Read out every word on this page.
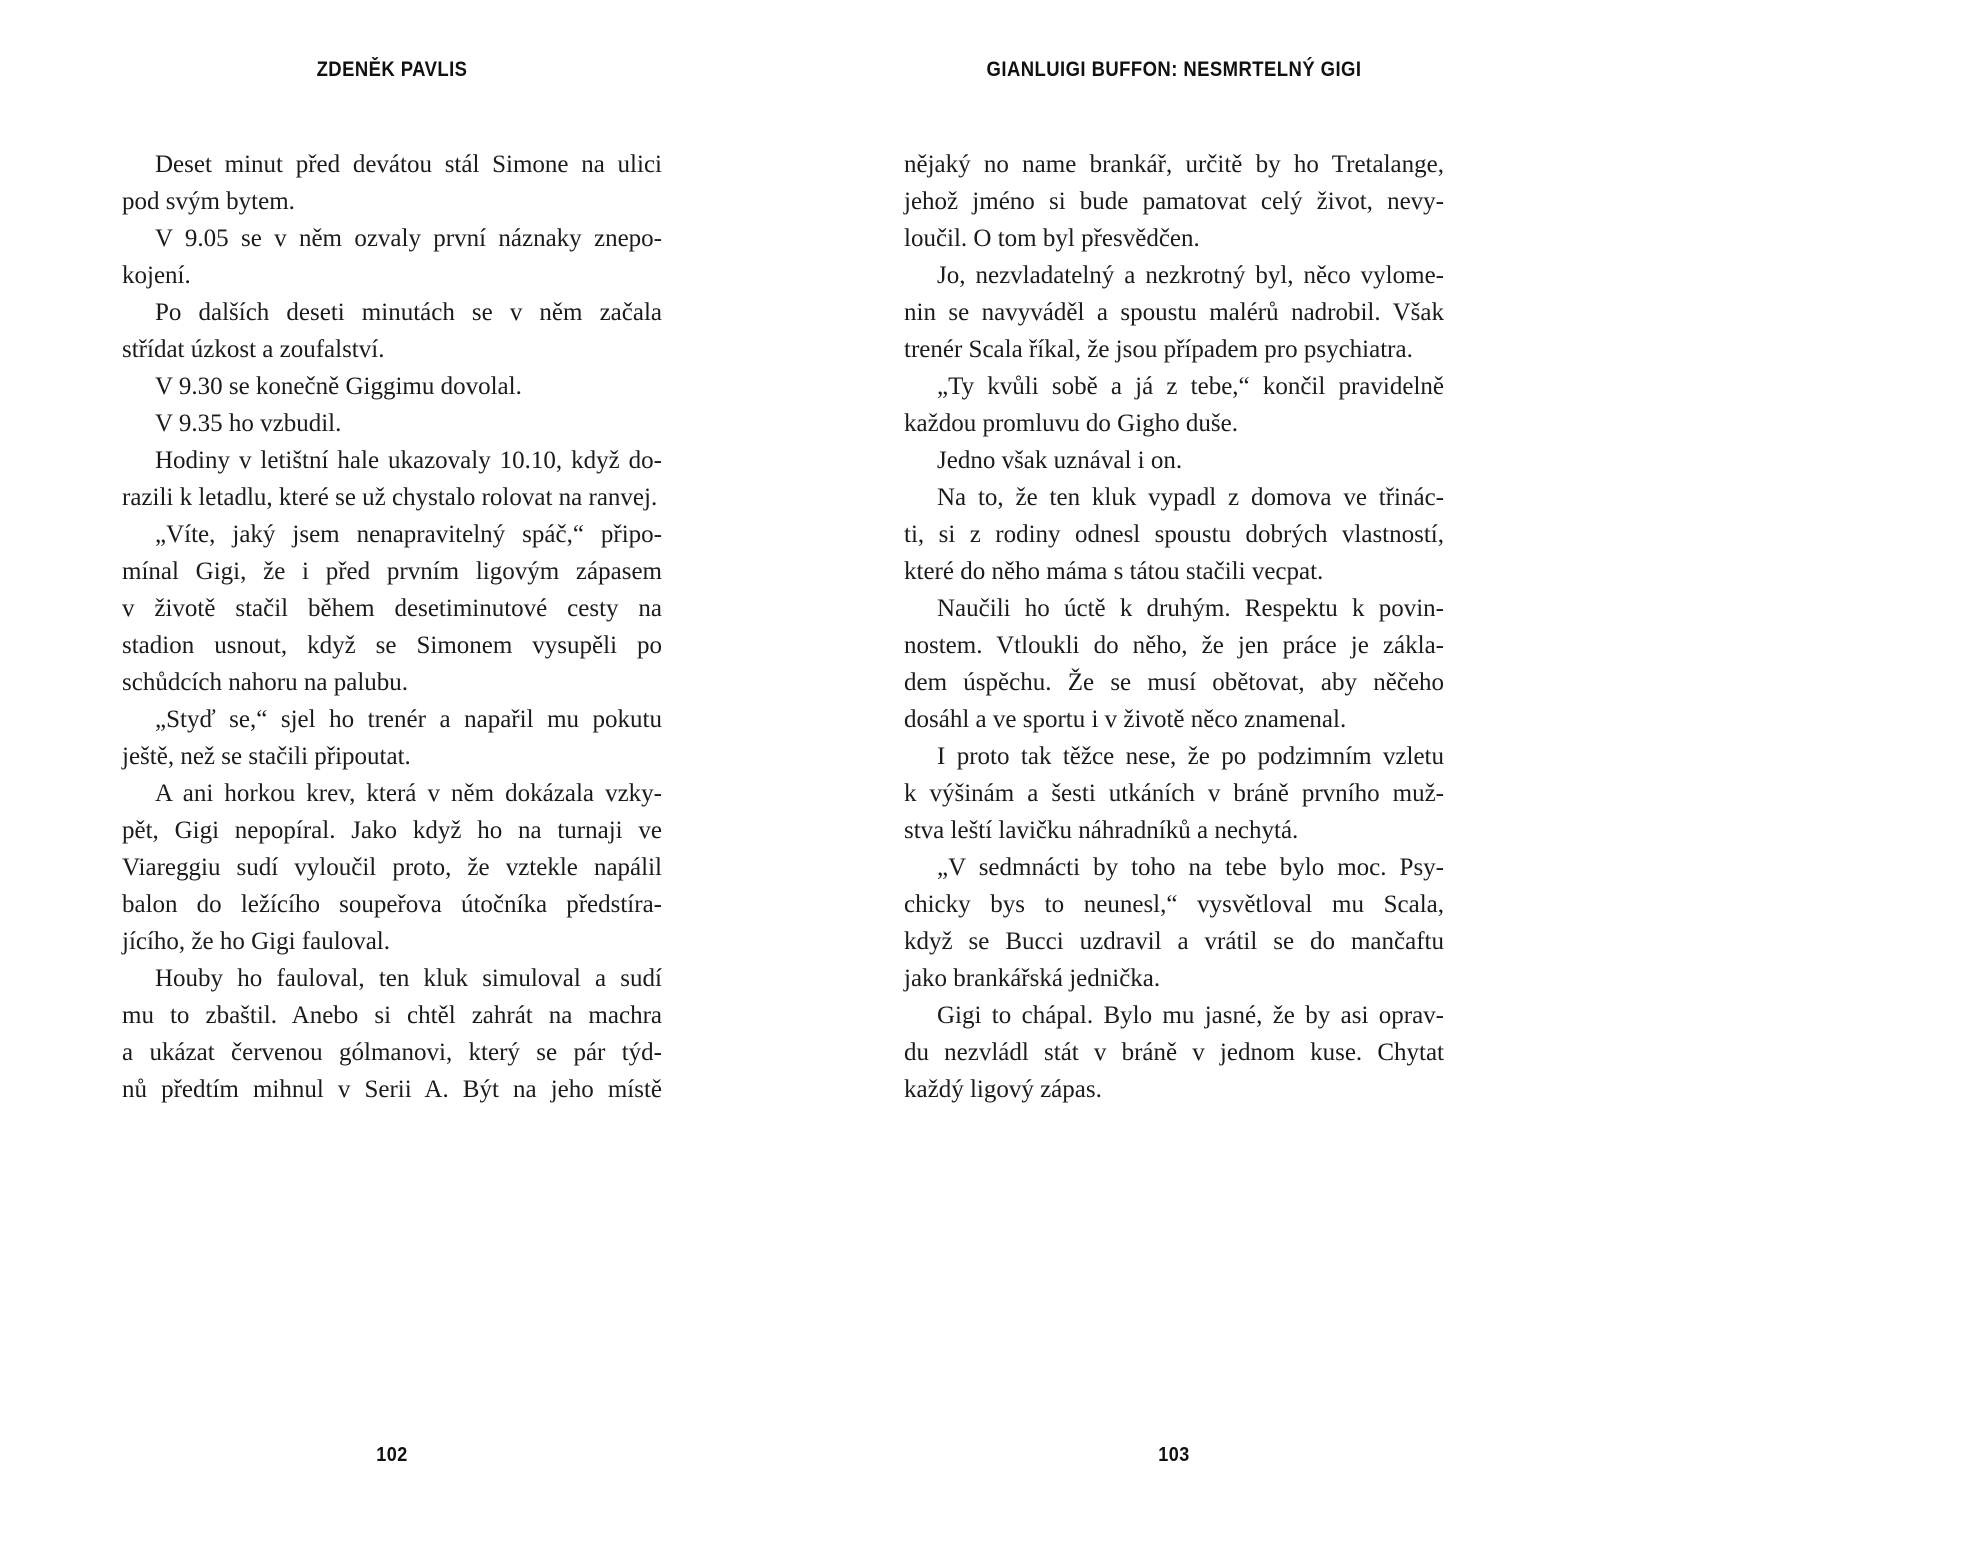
ZDENĚK PAVLIS
Deset minut před devátou stál Simone na ulici
pod svým bytem.
V 9.05 se v něm ozvaly první náznaky znepo-
kojení.
Po dalších deseti minutách se v něm začala
střídat úzkost a zoufalství.
V 9.30 se konečně Giggimu dovolal.
V 9.35 ho vzbudil.
Hodiny v letištní hale ukazovaly 10.10, když do-
razili k letadlu, které se už chystalo rolovat na ranvej.
„Víte, jaký jsem nenapravitelný spáč,“ připo-
mínal Gigi, že i před prvním ligovým zápasem
v životě stačil během desetiminutové cesty na
stadion usnout, když se Simonem vysupěli po
schůdcích nahoru na palubu.
„Styď se,“ sjel ho trenér a napařil mu pokutu
ještě, než se stačili připoutat.
A ani horkou krev, která v něm dokázala vzky-
pět, Gigi nepopíral. Jako když ho na turnaji ve
Viareggiu sudí vyloučil proto, že vztekle napálil
balon do ležícího soupeřova útočníka předstíra-
jícího, že ho Gigi fauloval.
Houby ho fauloval, ten kluk simuloval a sudí
mu to zbaštil. Anebo si chtěl zahrát na machra
a ukázat červenou gólmanovi, který se pár týd-
nů předtím mihnul v Serii A. Být na jeho místě
102
GIANLUIGI BUFFON: NESMRTELNÝ GIGI
nějaký no name brankář, určitě by ho Tretalange,
jehož jméno si bude pamatovat celý život, nevy-
loučil. O tom byl přesvědčen.
Jo, nezvladatelný a nezkrotný byl, něco vylome-
nin se navyváděl a spoustu malérů nadrobil. Však
trenér Scala říkal, že jsou případem pro psychiatra.
„Ty kvůli sobě a já z tebe,“ končil pravidelně
každou promluvu do Gigho duše.
Jedno však uznával i on.
Na to, že ten kluk vypadl z domova ve třinác-
ti, si z rodiny odnesl spoustu dobrých vlastností,
které do něho máma s tátou stačili vecpat.
Naučili ho úctě k druhým. Respektu k povin-
nostem. Vtloukli do něho, že jen práce je zákla-
dem úspěchu. Že se musí obětovat, aby něčeho
dosáhl a ve sportu i v životě něco znamenal.
I proto tak těžce nese, že po podzimním vzletu
k výšinám a šesti utkáních v bráně prvního muž-
stva leští lavičku náhradníků a nechytá.
„V sedmnácti by toho na tebe bylo moc. Psy-
chicky bys to neunesl,“ vysvětloval mu Scala,
když se Bucci uzdravil a vrátil se do mančaftu
jako brankářská jednička.
Gigi to chápal. Bylo mu jasné, že by asi oprav-
du nezvládl stát v bráně v jednom kuse. Chytat
každý ligový zápas.
103
